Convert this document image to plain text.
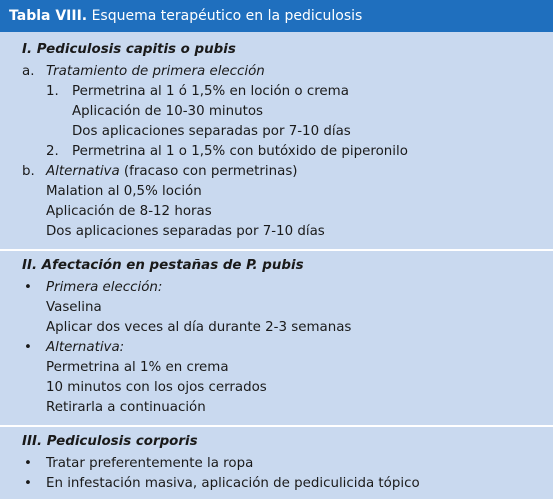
Tabla VIII. Esquema terapéutico en la pediculosis
I. Pediculosis capitis o pubis
a. Tratamiento de primera elección
1. Permetrina al 1 ó 1,5% en loción o crema
Aplicación de 10-30 minutos
Dos aplicaciones separadas por 7-10 días
2. Permetrina al 1 o 1,5% con butóxido de piperonilo
b. Alternativa (fracaso con permetrinas)
Malation al 0,5% loción
Aplicación de 8-12 horas
Dos aplicaciones separadas por 7-10 días
II. Afectación en pestañas de P. pubis
• Primera elección:
Vaselina
Aplicar dos veces al día durante 2-3 semanas
• Alternativa:
Permetrina al 1% en crema
10 minutos con los ojos cerrados
Retirarla a continuación
III. Pediculosis corporis
• Tratar preferentemente la ropa
• En infestación masiva, aplicación de pediculicida tópico
